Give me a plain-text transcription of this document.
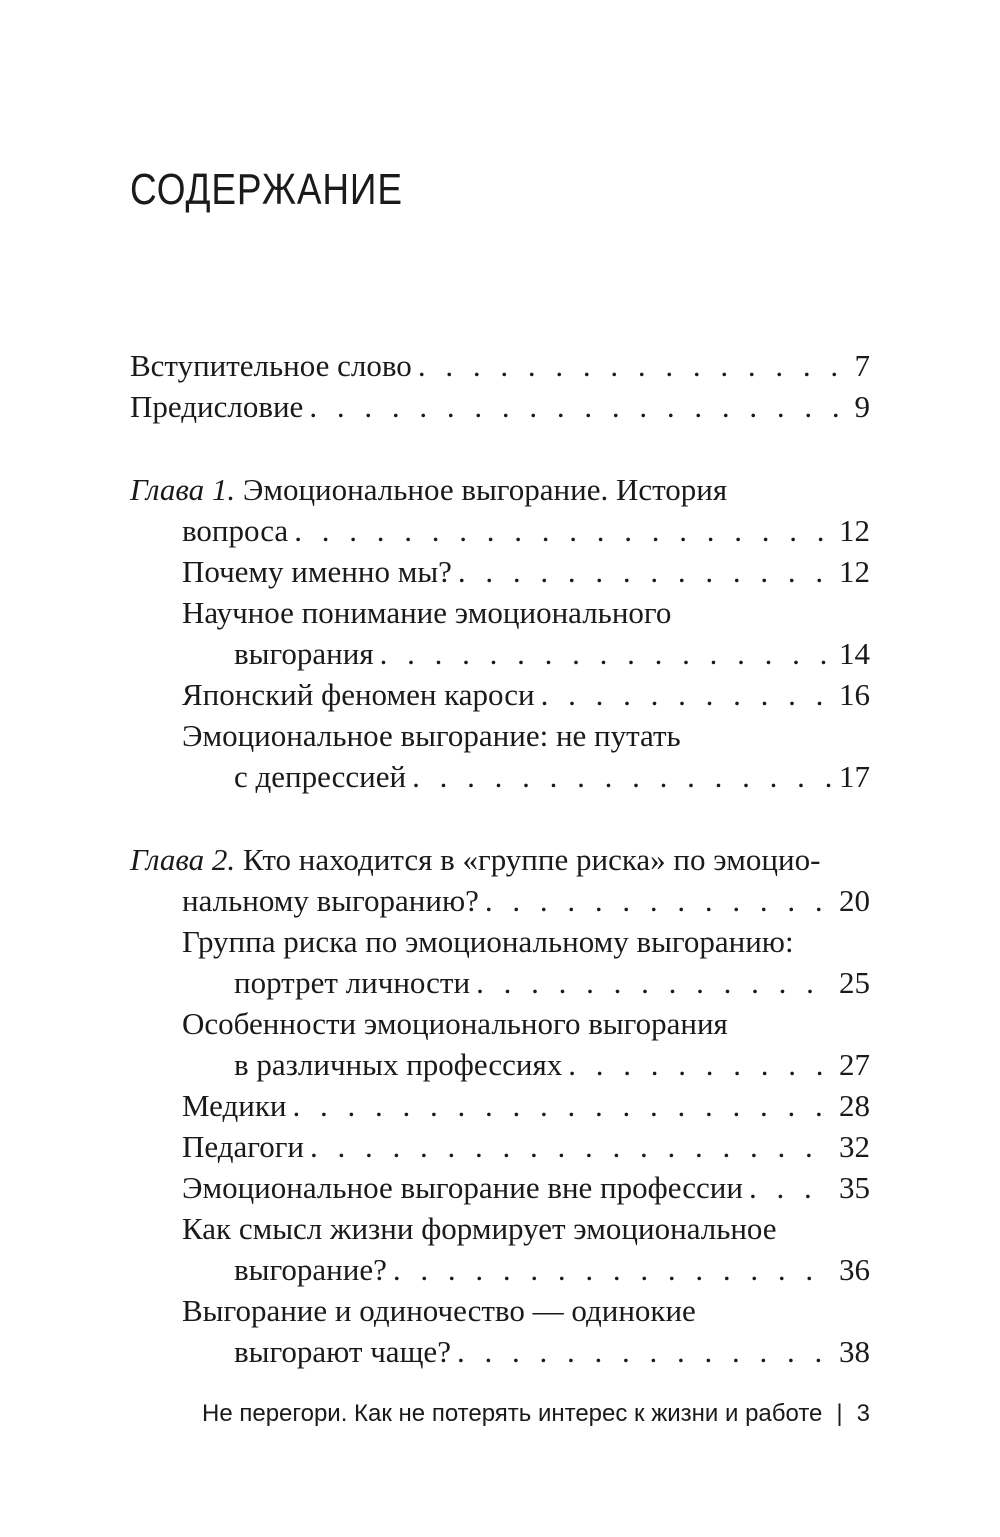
СОДЕРЖАНИЕ
Вступительное слово . . .	7
Предисловие . . .	9
Глава 1. Эмоциональное выгорание. История
вопроса . . .	12
Почему именно мы? . . .	12
Научное понимание эмоционального
выгорания . . .	14
Японский феномен кароси . . .	16
Эмоциональное выгорание: не путать
с депрессией . . .	17
Глава 2. Кто находится в «группе риска» по эмоцио-
нальному выгоранию? . . .	20
Группа риска по эмоциональному выгоранию:
портрет личности . . .	25
Особенности эмоционального выгорания
в различных профессиях . . .	27
Медики . . .	28
Педагоги . . .	32
Эмоциональное выгорание вне профессии . . .	35
Как смысл жизни формирует эмоциональное
выгорание? . . .	36
Выгорание и одиночество — одинокие
выгорают чаще? . . .	38
Не перегори. Как не потерять интерес к жизни и работе | 3
